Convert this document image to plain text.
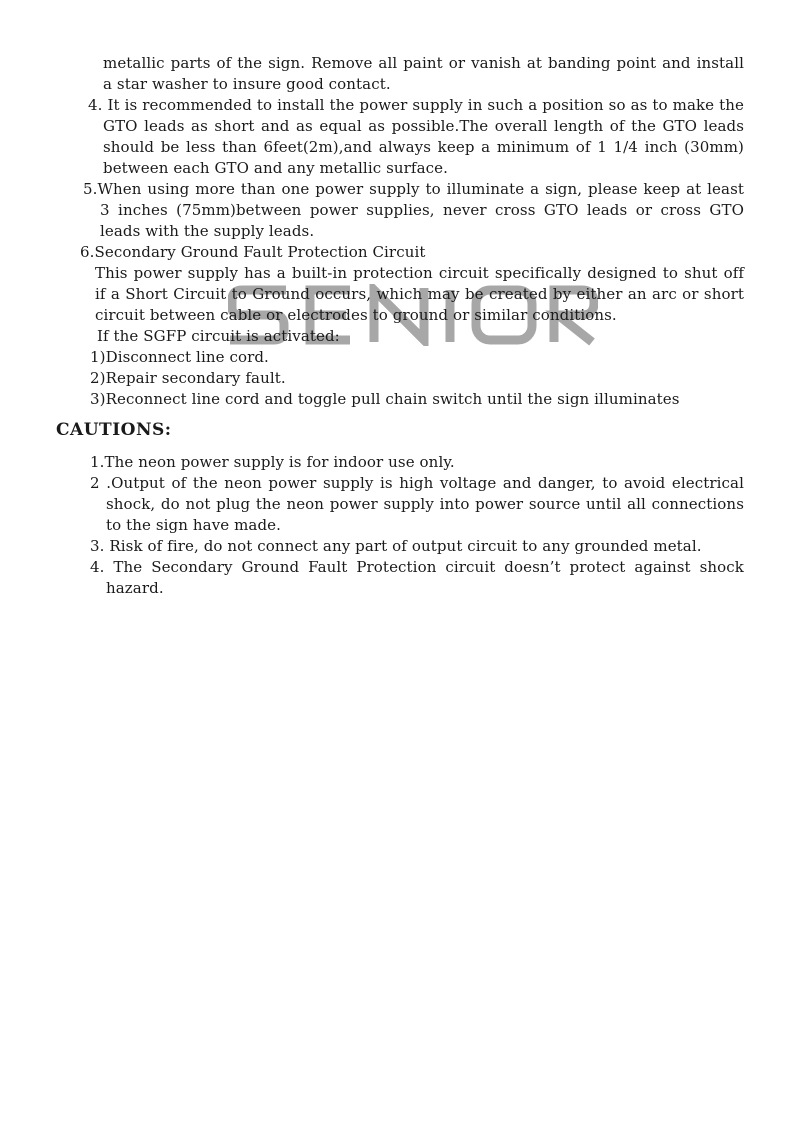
metallic parts of the sign. Remove all paint or vanish at banding point and install
a star washer to insure good contact.
4. It is recommended to install the power supply in such a position so as to make the
GTO leads as short and as equal as possible.The overall length of the GTO leads
should be less than 6feet(2m),and always keep a minimum of 1 1/4 inch (30mm)
between each GTO and any metallic surface.
5.When using more than one power supply to illuminate a sign, please keep at least
3 inches (75mm)between power supplies, never cross GTO leads or cross GTO
leads with the supply leads.
6.Secondary Ground Fault Protection Circuit
This power supply has a built-in protection circuit specifically designed to shut off
if a Short Circuit to Ground occurs, which may be created by either an arc or short
circuit between cable or electrodes to ground or similar conditions.
If the SGFP circuit is activated:
1)Disconnect line cord.
2)Repair secondary fault.
3)Reconnect line cord and toggle pull chain switch until the sign illuminates
CAUTIONS:
1.The neon power supply is for indoor use only.
2 .Output of the neon power supply is high voltage and danger, to avoid electrical
shock, do not plug the neon power supply into power source until all connections
to the sign have made.
3. Risk of fire, do not connect any part of output circuit to any grounded metal.
4. The Secondary Ground Fault Protection circuit doesn’t protect against shock
hazard.
